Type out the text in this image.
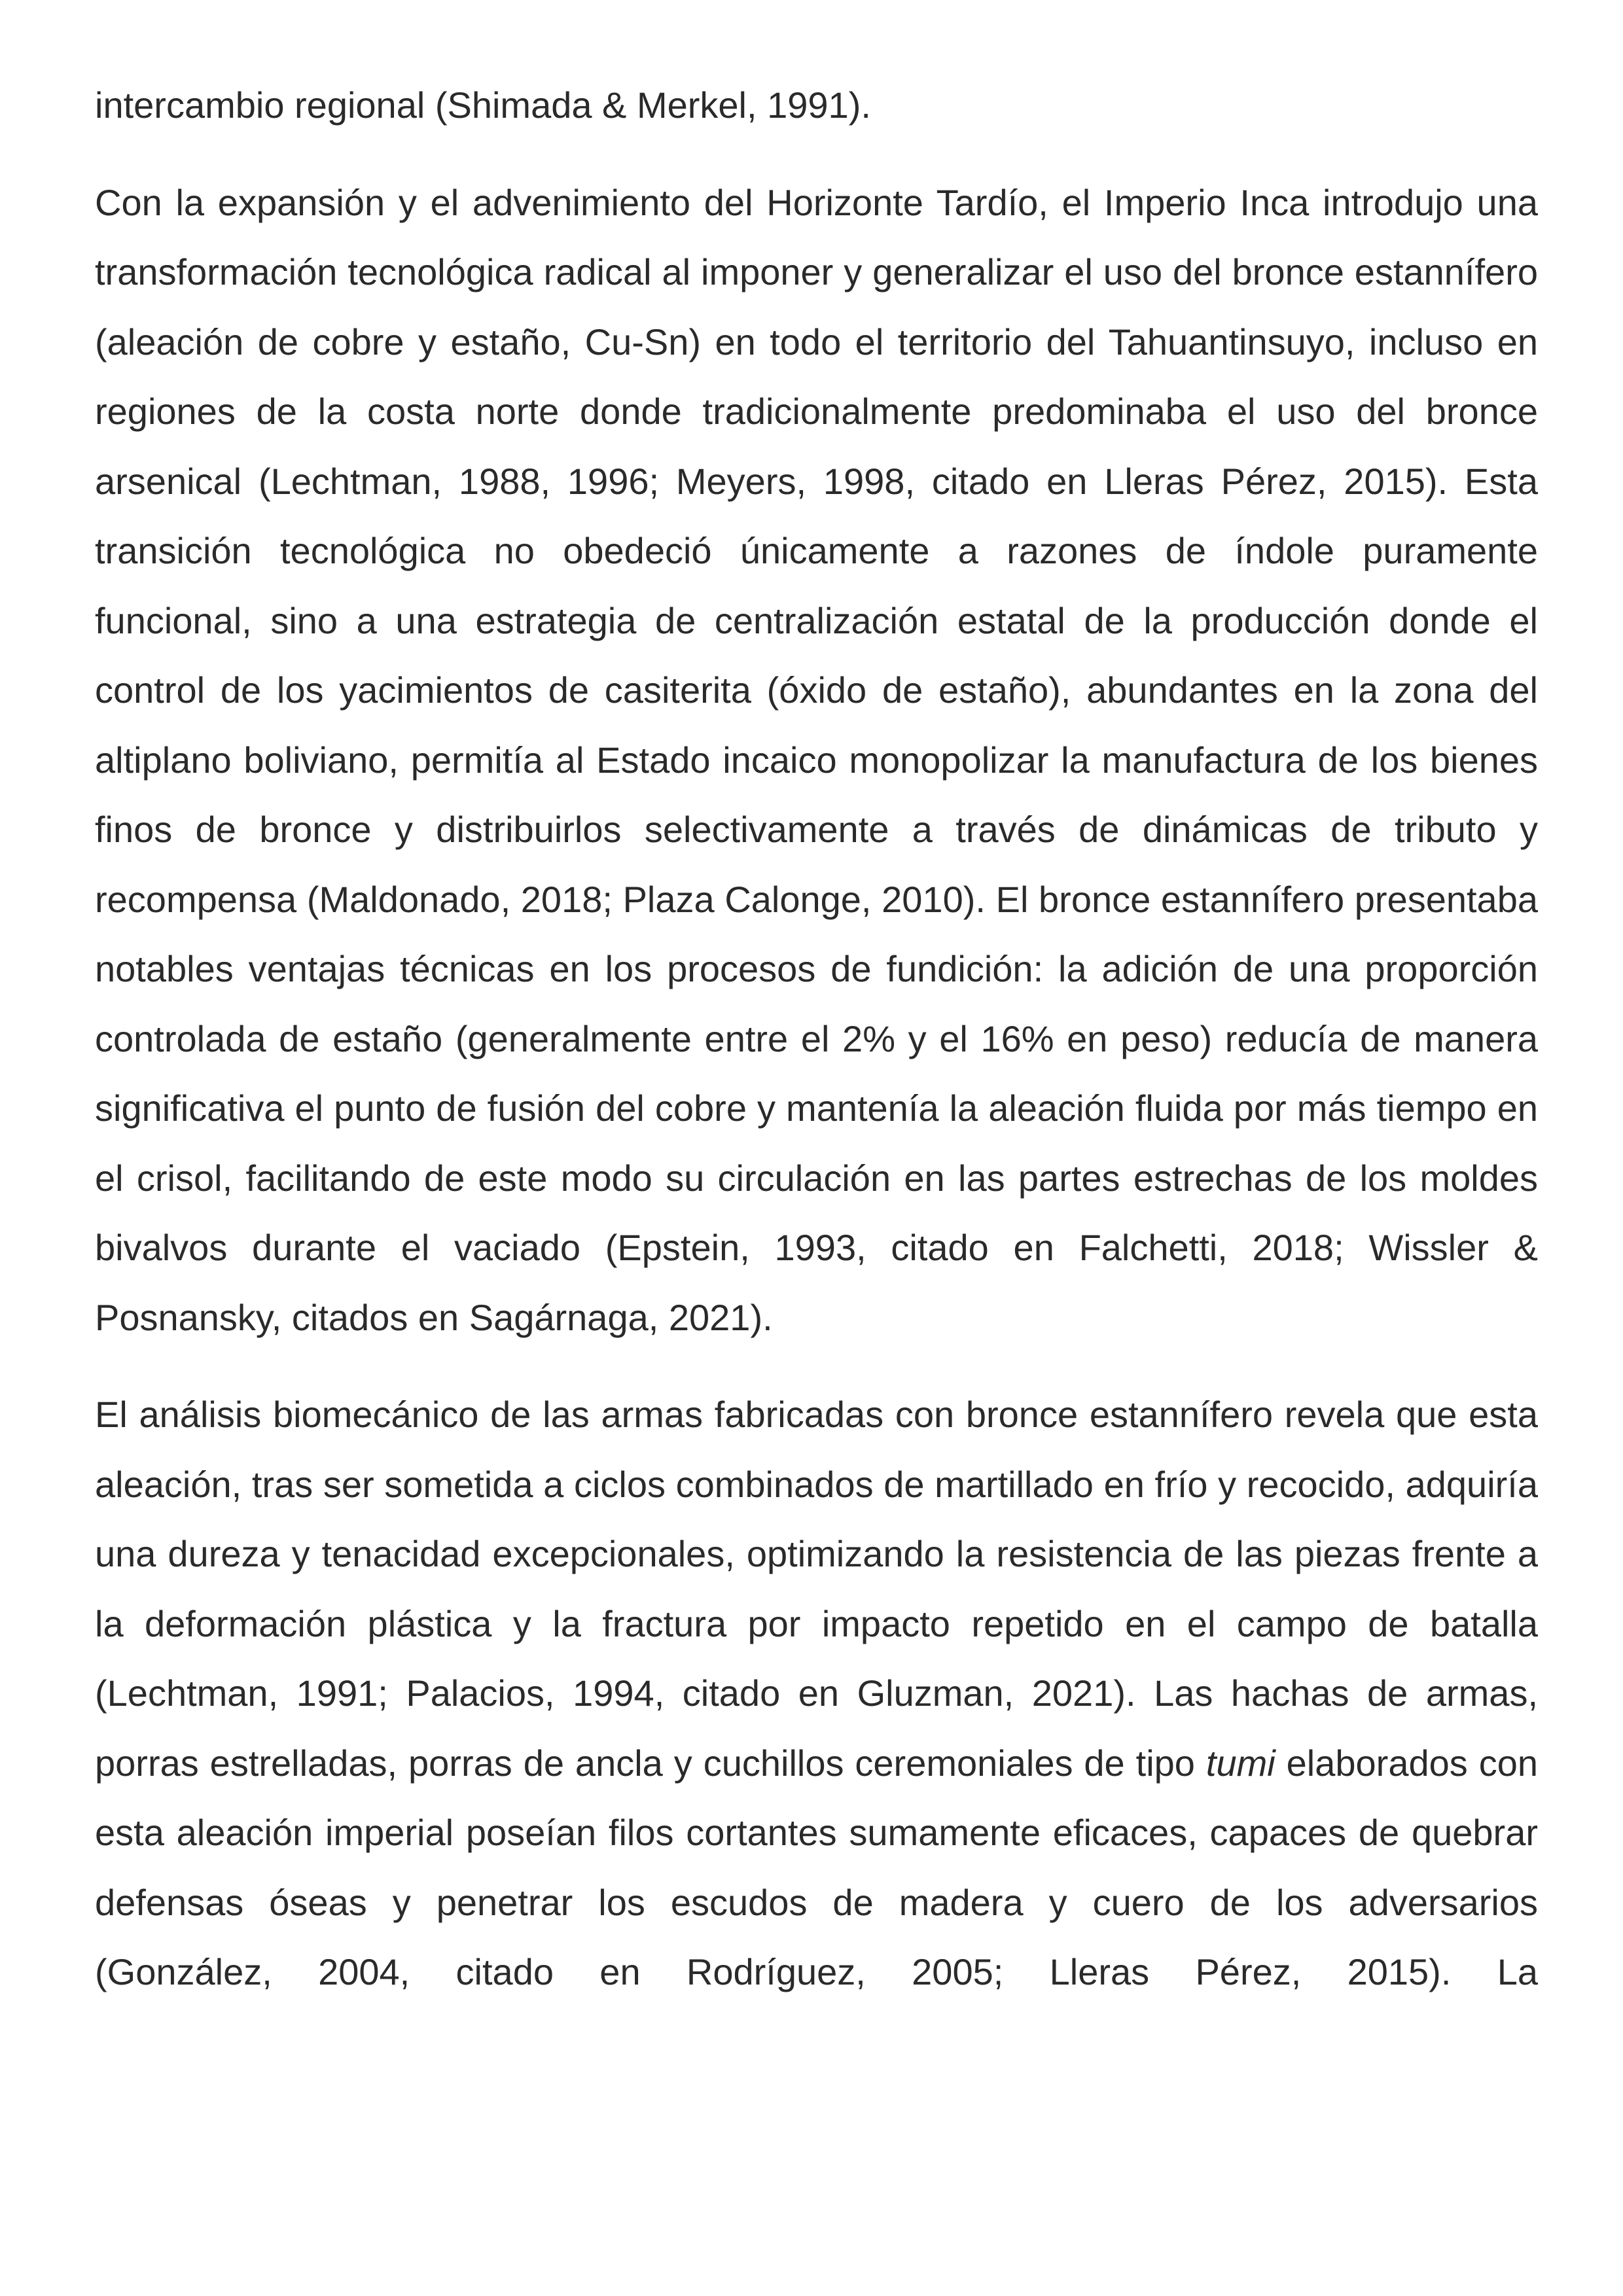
intercambio regional (Shimada & Merkel, 1991).

Con la expansión y el advenimiento del Horizonte Tardío, el Imperio Inca introdujo una transformación tecnológica radical al imponer y generalizar el uso del bronce estannífero (aleación de cobre y estaño, Cu-Sn) en todo el territorio del Tahuantinsuyo, incluso en regiones de la costa norte donde tradicionalmente predominaba el uso del bronce arsenical (Lechtman, 1988, 1996; Meyers, 1998, citado en Lleras Pérez, 2015). Esta transición tecnológica no obedeció únicamente a razones de índole puramente funcional, sino a una estrategia de centralización estatal de la producción donde el control de los yacimientos de casiterita (óxido de estaño), abundantes en la zona del altiplano boliviano, permitía al Estado incaico monopolizar la manufactura de los bienes finos de bronce y distribuirlos selectivamente a través de dinámicas de tributo y recompensa (Maldonado, 2018; Plaza Calonge, 2010). El bronce estannífero presentaba notables ventajas técnicas en los procesos de fundición: la adición de una proporción controlada de estaño (generalmente entre el 2% y el 16% en peso) reducía de manera significativa el punto de fusión del cobre y mantenía la aleación fluida por más tiempo en el crisol, facilitando de este modo su circulación en las partes estrechas de los moldes bivalvos durante el vaciado (Epstein, 1993, citado en Falchetti, 2018; Wissler & Posnansky, citados en Sagárnaga, 2021).

El análisis biomecánico de las armas fabricadas con bronce estannífero revela que esta aleación, tras ser sometida a ciclos combinados de martillado en frío y recocido, adquiría una dureza y tenacidad excepcionales, optimizando la resistencia de las piezas frente a la deformación plástica y la fractura por impacto repetido en el campo de batalla (Lechtman, 1991; Palacios, 1994, citado en Gluzman, 2021). Las hachas de armas, porras estrelladas, porras de ancla y cuchillos ceremoniales de tipo tumi elaborados con esta aleación imperial poseían filos cortantes sumamente eficaces, capaces de quebrar defensas óseas y penetrar los escudos de madera y cuero de los adversarios (González, 2004, citado en Rodríguez, 2005; Lleras Pérez, 2015). La
